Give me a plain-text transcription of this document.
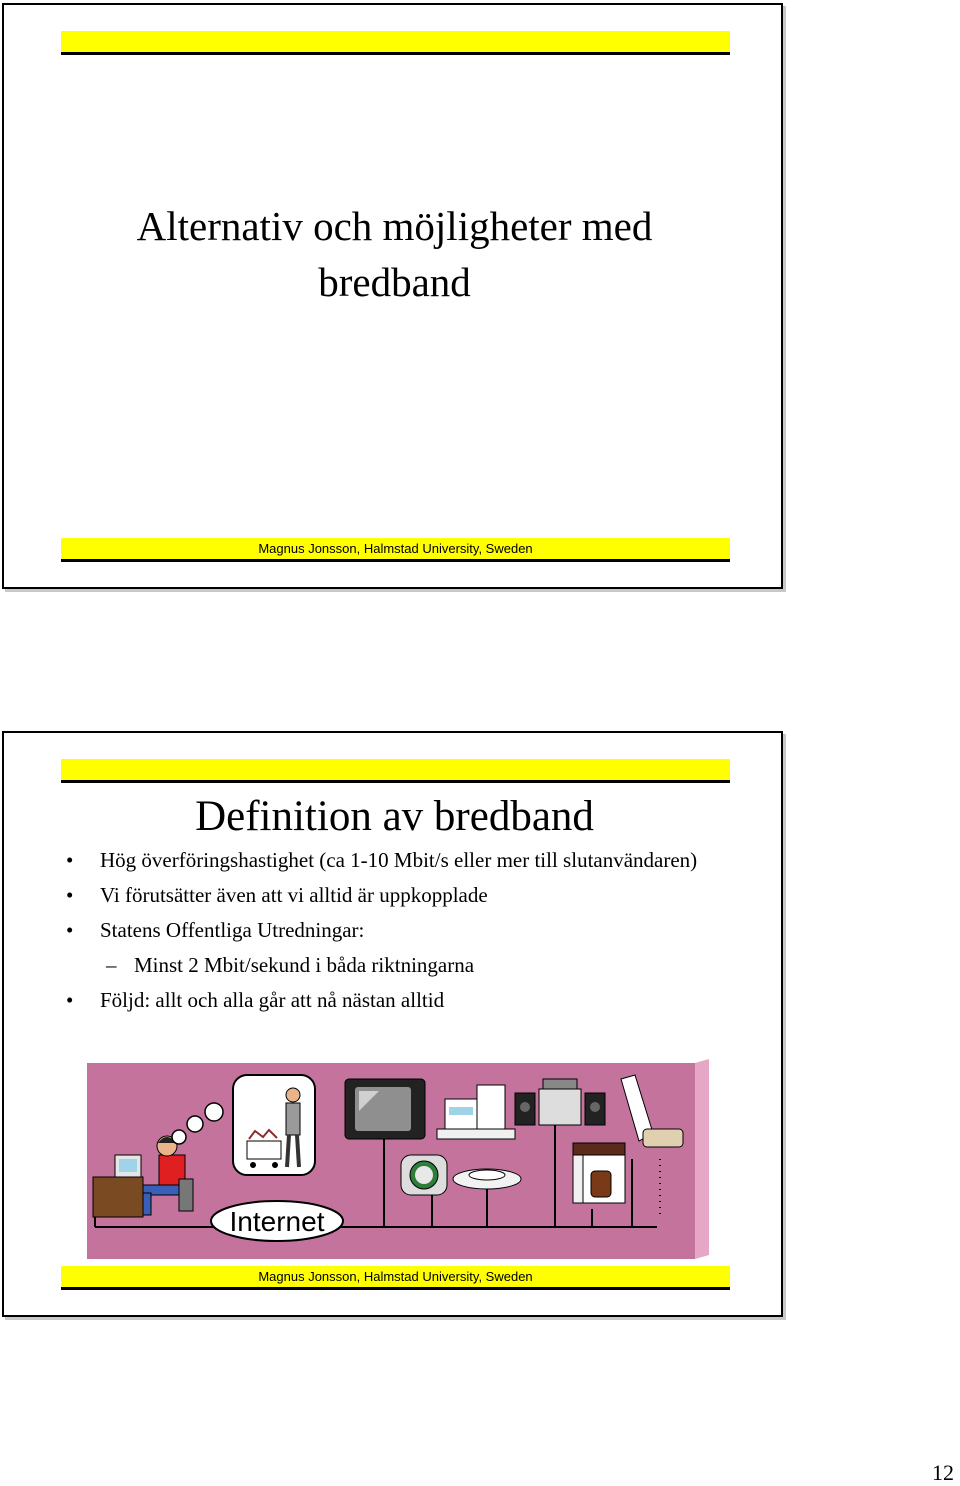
Alternativ och möjligheter med
bredband
Magnus Jonsson, Halmstad University, Sweden
Definition av bredband
• Hög överföringshastighet (ca 1-10 Mbit/s eller mer till slutanvändaren)
• Vi förutsätter även att vi alltid är uppkopplade
• Statens Offentliga Utredningar:
– Minst 2 Mbit/sekund i båda riktningarna
• Följd: allt och alla går att nå nästan alltid
Internet
Magnus Jonsson, Halmstad University, Sweden
12
